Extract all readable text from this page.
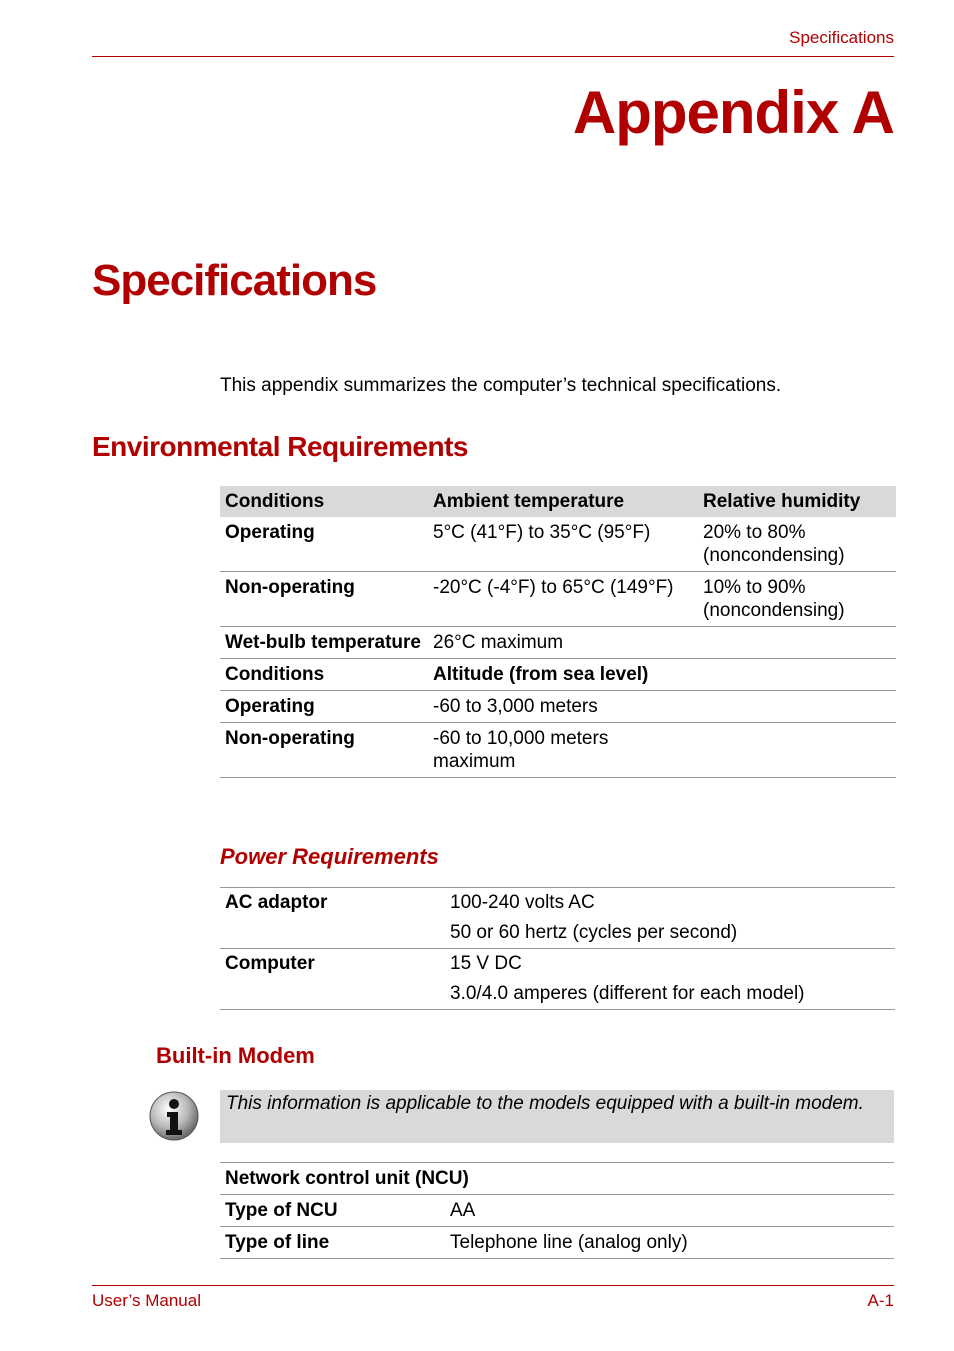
Specifications
Appendix A
Specifications
This appendix summarizes the computer’s technical specifications.
Environmental Requirements
Conditions	Ambient temperature	Relative humidity
Operating	5°C (41°F) to 35°C (95°F)	20% to 80% (noncondensing)
Non-operating	-20°C (-4°F) to 65°C (149°F)	10% to 90% (noncondensing)
Wet-bulb temperature	26°C maximum	
Conditions	Altitude (from sea level)	
Operating	-60 to 3,000 meters	
Non-operating	-60 to 10,000 meters maximum	
Power Requirements
AC adaptor	100-240 volts AC
	50 or 60 hertz (cycles per second)
Computer	15 V DC
	3.0/4.0 amperes (different for each model)
Built-in Modem
This information is applicable to the models equipped with a built-in modem.
Network control unit (NCU)	
Type of NCU	AA
Type of line	Telephone line (analog only)
User’s Manual	A-1
